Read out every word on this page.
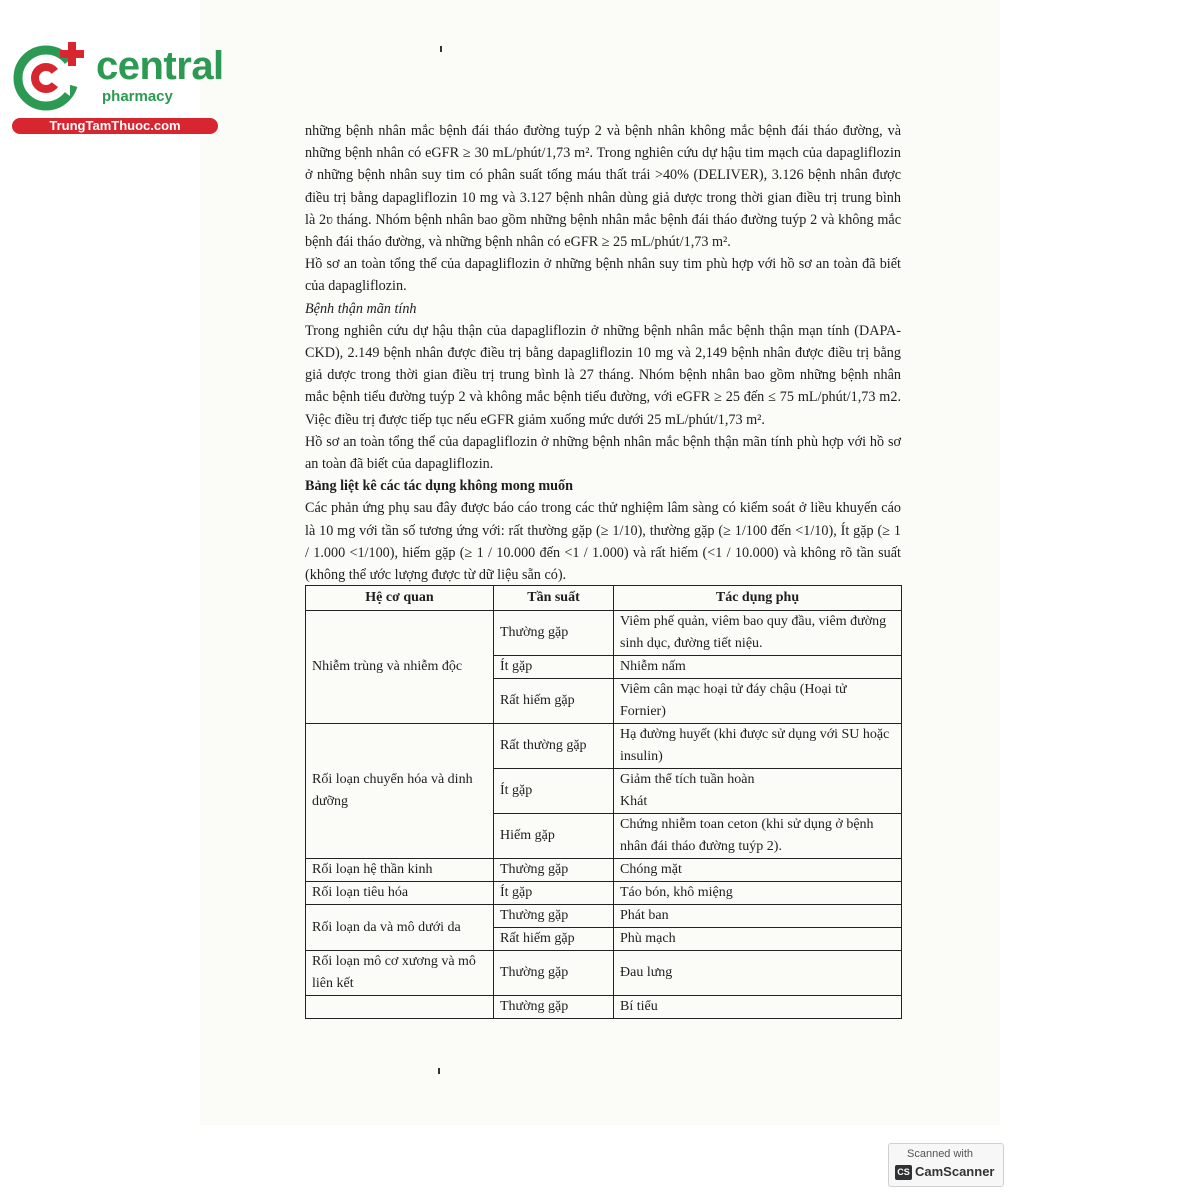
central
pharmacy
TrungTamThuoc.com	những bệnh nhân mắc bệnh đái tháo đường tuýp 2 và bệnh nhân không mắc bệnh đái tháo đường, và những bệnh nhân có eGFR ≥ 30 mL/phút/1,73 m². Trong nghiên cứu dự hậu tim mạch của dapagliflozin ở những bệnh nhân suy tim có phân suất tống máu thất trái >40% (DELIVER), 3.126 bệnh nhân được điều trị bằng dapagliflozin 10 mg và 3.127 bệnh nhân dùng giả dược trong thời gian điều trị trung bình là 2ʋ tháng. Nhóm bệnh nhân bao gồm những bệnh nhân mắc bệnh đái tháo đường tuýp 2 và không mắc bệnh đái tháo đường, và những bệnh nhân có eGFR ≥ 25 mL/phút/1,73 m².

Hồ sơ an toàn tổng thể của dapagliflozin ở những bệnh nhân suy tim phù hợp với hồ sơ an toàn đã biết của dapagliflozin.

Bệnh thận mãn tính

Trong nghiên cứu dự hậu thận của dapagliflozin ở những bệnh nhân mắc bệnh thận mạn tính (DAPA-CKD), 2.149 bệnh nhân được điều trị bằng dapagliflozin 10 mg và 2,149 bệnh nhân được điều trị bằng giả dược trong thời gian điều trị trung bình là 27 tháng. Nhóm bệnh nhân bao gồm những bệnh nhân mắc bệnh tiểu đường tuýp 2 và không mắc bệnh tiểu đường, với eGFR ≥ 25 đến ≤ 75 mL/phút/1,73 m2. Việc điều trị được tiếp tục nếu eGFR giảm xuống mức dưới 25 mL/phút/1,73 m².

Hồ sơ an toàn tổng thể của dapagliflozin ở những bệnh nhân mắc bệnh thận mãn tính phù hợp với hồ sơ an toàn đã biết của dapagliflozin.

Bảng liệt kê các tác dụng không mong muốn

Các phản ứng phụ sau đây được báo cáo trong các thử nghiệm lâm sàng có kiểm soát ở liều khuyến cáo là 10 mg với tần số tương ứng với: rất thường gặp (≥ 1/10), thường gặp (≥ 1/100 đến <1/10), Ít gặp (≥ 1 / 1.000 <1/100), hiếm gặp (≥ 1 / 10.000 đến <1 / 1.000) và rất hiếm (<1 / 10.000) và không rõ tần suất (không thể ước lượng được từ dữ liệu sẵn có).

Hệ cơ quan	Tần suất	Tác dụng phụ
Nhiễm trùng và nhiễm độc	Thường gặp	Viêm phế quản, viêm bao quy đầu, viêm đường sinh dục, đường tiết niệu.
	Ít gặp	Nhiễm nấm
	Rất hiếm gặp	Viêm cân mạc hoại tử đáy chậu (Hoại tử Fornier)
Rối loạn chuyển hóa và dinh dưỡng	Rất thường gặp	Hạ đường huyết (khi được sử dụng với SU hoặc insulin)
	Ít gặp	Giảm thể tích tuần hoàn
Khát
	Hiếm gặp	Chứng nhiễm toan ceton (khi sử dụng ở bệnh nhân đái tháo đường tuýp 2).
Rối loạn hệ thần kinh	Thường gặp	Chóng mặt
Rối loạn tiêu hóa	Ít gặp	Táo bón, khô miệng
Rối loạn da và mô dưới da	Thường gặp	Phát ban
	Rất hiếm gặp	Phù mạch
Rối loạn mô cơ xương và mô liên kết	Thường gặp	Đau lưng
	Thường gặp	Bí tiểu
Scanned with
CS CamScanner
